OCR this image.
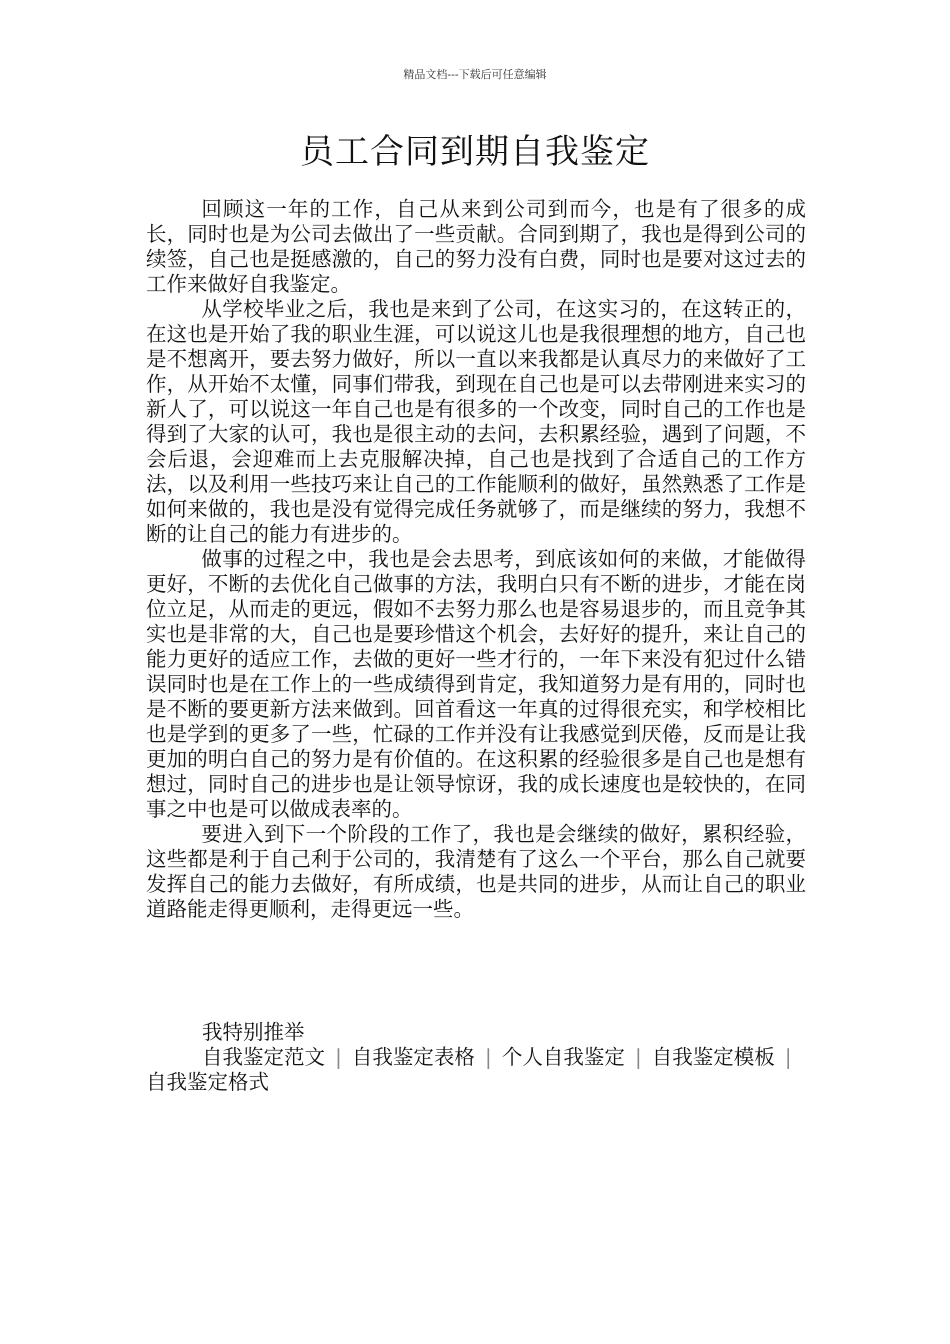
精品文档---下载后可任意编辑
员工合同到期自我鉴定

回顾这一年的工作，自己从来到公司到而今，也是有了很多的成长，同时也是为公司去做出了一些贡献。合同到期了，我也是得到公司的续签，自己也是挺感激的，自己的努力没有白费，同时也是要对这过去的工作来做好自我鉴定。

从学校毕业之后，我也是来到了公司，在这实习的，在这转正的，在这也是开始了我的职业生涯，可以说这儿也是我很理想的地方，自己也是不想离开，要去努力做好，所以一直以来我都是认真尽力的来做好了工作，从开始不太懂，同事们带我，到现在自己也是可以去带刚进来实习的新人了，可以说这一年自己也是有很多的一个改变，同时自己的工作也是得到了大家的认可，我也是很主动的去问，去积累经验，遇到了问题，不会后退，会迎难而上去克服解决掉，自己也是找到了合适自己的工作方法，以及利用一些技巧来让自己的工作能顺利的做好，虽然熟悉了工作是如何来做的，我也是没有觉得完成任务就够了，而是继续的努力，我想不断的让自己的能力有进步的。

做事的过程之中，我也是会去思考，到底该如何的来做，才能做得更好，不断的去优化自己做事的方法，我明白只有不断的进步，才能在岗位立足，从而走的更远，假如不去努力那么也是容易退步的，而且竞争其实也是非常的大，自己也是要珍惜这个机会，去好好的提升，来让自己的能力更好的适应工作，去做的更好一些才行的，一年下来没有犯过什么错误同时也是在工作上的一些成绩得到肯定，我知道努力是有用的，同时也是不断的要更新方法来做到。回首看这一年真的过得很充实，和学校相比也是学到的更多了一些，忙碌的工作并没有让我感觉到厌倦，反而是让我更加的明白自己的努力是有价值的。在这积累的经验很多是自己也是想有想过，同时自己的进步也是让领导惊讶，我的成长速度也是较快的，在同事之中也是可以做成表率的。

要进入到下一个阶段的工作了，我也是会继续的做好，累积经验，这些都是利于自己利于公司的，我清楚有了这么一个平台，那么自己就要发挥自己的能力去做好，有所成绩，也是共同的进步，从而让自己的职业道路能走得更顺利，走得更远一些。

我特别推举
自我鉴定范文 | 自我鉴定表格 | 个人自我鉴定 | 自我鉴定模板 |自我鉴定格式
